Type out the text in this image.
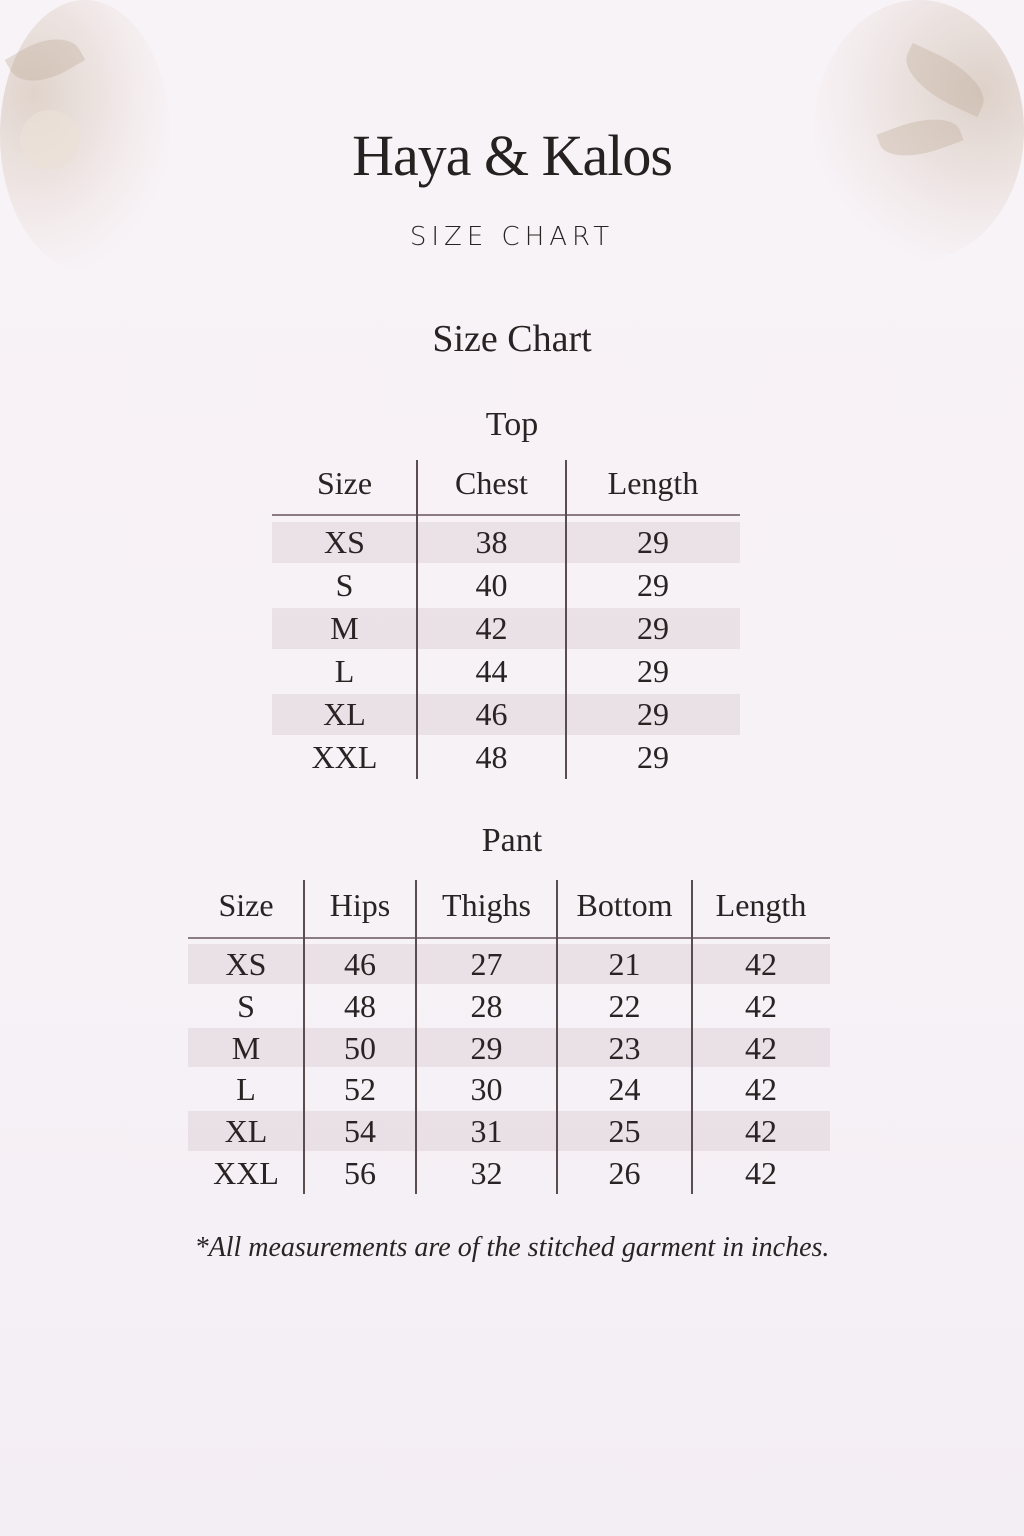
Haya & Kalos
SIZE CHART
Size Chart
Top
Size	Chest	Length
XS	38	29
S	40	29
M	42	29
L	44	29
XL	46	29
XXL	48	29
Pant
Size	Hips	Thighs	Bottom	Length
XS	46	27	21	42
S	48	28	22	42
M	50	29	23	42
L	52	30	24	42
XL	54	31	25	42
XXL	56	32	26	42
*All measurements are of the stitched garment in inches.
